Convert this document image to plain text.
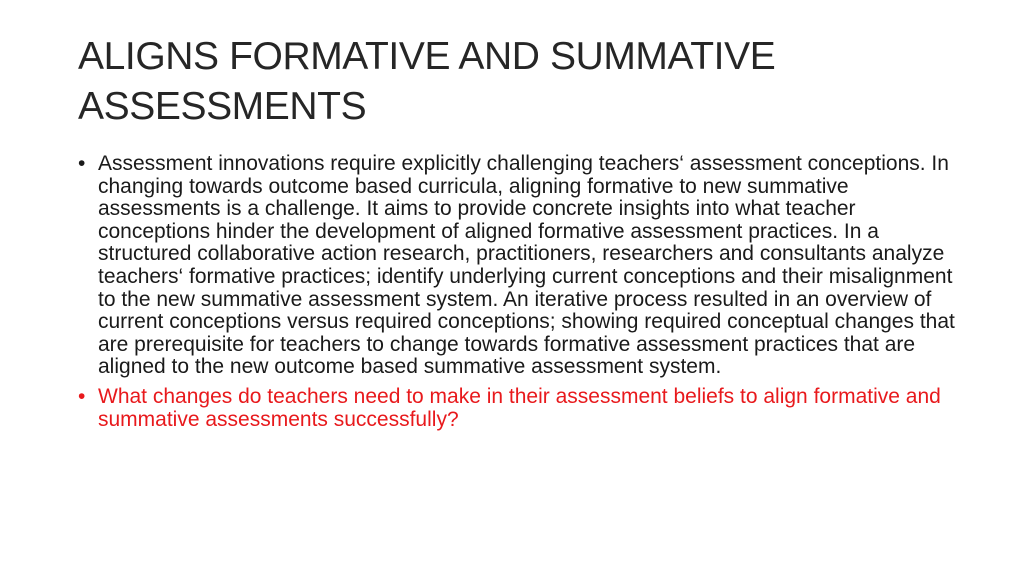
ALIGNS FORMATIVE AND SUMMATIVE ASSESSMENTS
• Assessment innovations require explicitly challenging teachers‘ assessment conceptions. In changing towards outcome based curricula, aligning formative to new summative assessments is a challenge. It aims to provide concrete insights into what teacher conceptions hinder the development of aligned formative assessment practices. In a structured collaborative action research, practitioners, researchers and consultants analyze teachers‘ formative practices; identify underlying current conceptions and their misalignment to the new summative assessment system. An iterative process resulted in an overview of current conceptions versus required conceptions; showing required conceptual changes that are prerequisite for teachers to change towards formative assessment practices that are aligned to the new outcome based summative assessment system.
• What changes do teachers need to make in their assessment beliefs to align formative and summative assessments successfully?
